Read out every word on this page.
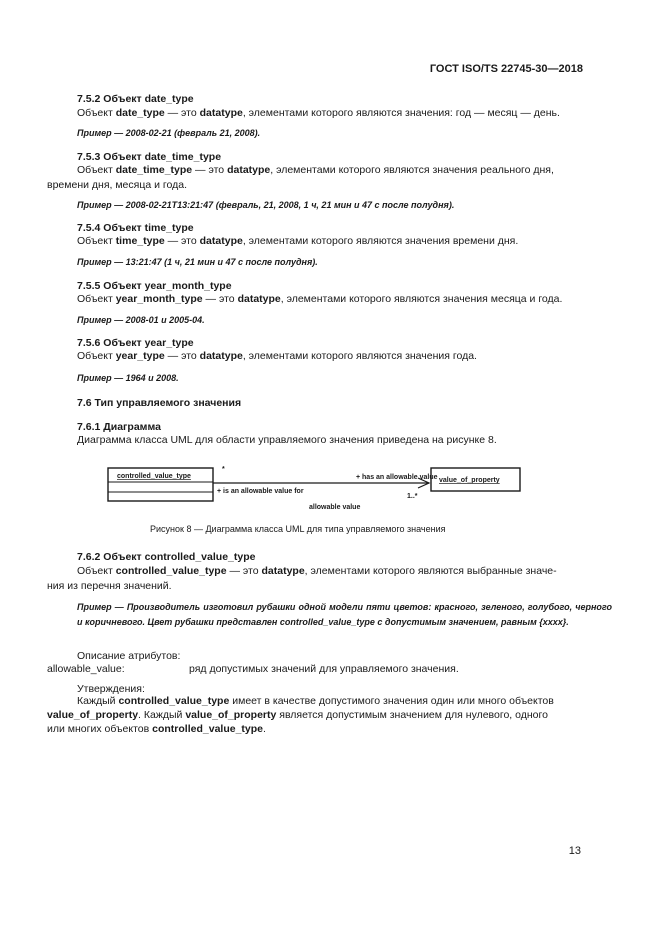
ГОСТ ISO/TS 22745-30—2018
7.5.2 Объект date_type
Объект date_type — это datatype, элементами которого являются значения: год — месяц — день.
Пример — 2008-02-21 (февраль 21, 2008).
7.5.3 Объект date_time_type
Объект date_time_type — это datatype, элементами которого являются значения реального дня,
времени дня, месяца и года.
Пример — 2008-02-21T13:21:47 (февраль, 21, 2008, 1 ч, 21 мин и 47 с после полудня).
7.5.4 Объект time_type
Объект time_type — это datatype, элементами которого являются значения времени дня.
Пример — 13:21:47 (1 ч, 21 мин и 47 с после полудня).
7.5.5 Объект year_month_type
Объект year_month_type — это datatype, элементами которого являются значения месяца и года.
Пример — 2008-01 и 2005-04.
7.5.6 Объект year_type
Объект year_type — это datatype, элементами которого являются значения года.
Пример — 1964 и 2008.
7.6 Тип управляемого значения
7.6.1 Диаграмма
Диаграмма класса UML для области управляемого значения приведена на рисунке 8.
controlled_value_type
value_of_property
*
+ has an allowable value
+ is an allowable value for
1..*
allowable value
Рисунок 8 — Диаграмма класса UML для типа управляемого значения
7.6.2 Объект controlled_value_type
Объект controlled_value_type — это datatype, элементами которого являются выбранные значе-
ния из перечня значений.
Пример — Производитель изготовил рубашки одной модели пяти цветов: красного, зеленого, голубого, черного и коричневого. Цвет рубашки представлен controlled_value_type с допустимым значением, равным {xxxx}.
Описание атрибутов:
allowable_value:	ряд допустимых значений для управляемого значения.
Утверждения:
Каждый controlled_value_type имеет в качестве допустимого значения один или много объектов
value_of_property. Каждый value_of_property является допустимым значением для нулевого, одного
или многих объектов controlled_value_type.
13
